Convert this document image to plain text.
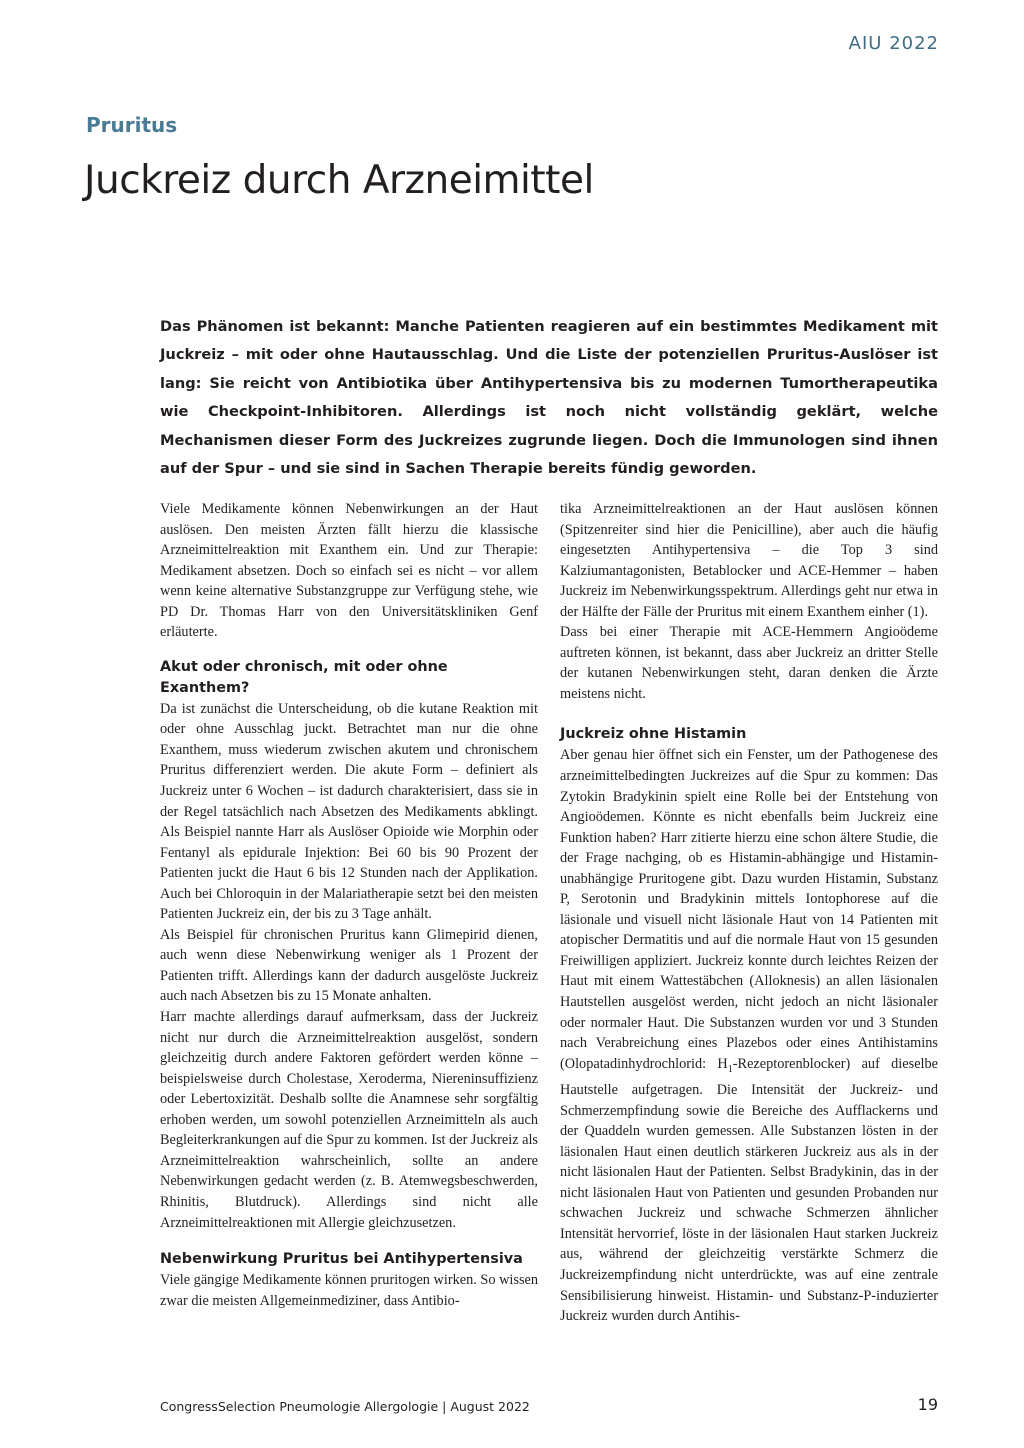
AIU 2022
Pruritus
Juckreiz durch Arzneimittel

Das Phänomen ist bekannt: Manche Patienten reagieren auf ein bestimmtes Medikament mit Juckreiz – mit oder ohne Hautausschlag. Und die Liste der potenziellen Pruritus-Auslöser ist lang: Sie reicht von Antibiotika über Antihypertensiva bis zu modernen Tumortherapeutika wie Checkpoint-Inhibitoren. Allerdings ist noch nicht vollständig geklärt, welche Mechanismen dieser Form des Juckreizes zugrunde liegen. Doch die Immunologen sind ihnen auf der Spur – und sie sind in Sachen Therapie bereits fündig geworden.

Viele Medikamente können Nebenwirkungen an der Haut auslösen. Den meisten Ärzten fällt hierzu die klassische Arzneimittelreaktion mit Exanthem ein. Und zur Therapie: Medikament absetzen. Doch so einfach sei es nicht – vor allem wenn keine alternative Substanzgruppe zur Verfügung stehe, wie PD Dr. Thomas Harr von den Universitätskliniken Genf erläuterte.

Akut oder chronisch, mit oder ohne Exanthem?

Da ist zunächst die Unterscheidung, ob die kutane Reaktion mit oder ohne Ausschlag juckt. Betrachtet man nur die ohne Exanthem, muss wiederum zwischen akutem und chronischem Pruritus differenziert werden. Die akute Form – definiert als Juckreiz unter 6 Wochen – ist dadurch charakterisiert, dass sie in der Regel tatsächlich nach Absetzen des Medikaments abklingt. Als Beispiel nannte Harr als Auslöser Opioide wie Morphin oder Fentanyl als epidurale Injektion: Bei 60 bis 90 Prozent der Patienten juckt die Haut 6 bis 12 Stunden nach der Applikation. Auch bei Chloroquin in der Malariatherapie setzt bei den meisten Patienten Juckreiz ein, der bis zu 3 Tage anhält.

Als Beispiel für chronischen Pruritus kann Glimepirid dienen, auch wenn diese Nebenwirkung weniger als 1 Prozent der Patienten trifft. Allerdings kann der dadurch ausgelöste Juckreiz auch nach Absetzen bis zu 15 Monate anhalten.

Harr machte allerdings darauf aufmerksam, dass der Juckreiz nicht nur durch die Arzneimittelreaktion ausgelöst, sondern gleichzeitig durch andere Faktoren gefördert werden könne – beispielsweise durch Cholestase, Xeroderma, Niereninsuffizienz oder Lebertoxizität. Deshalb sollte die Anamnese sehr sorgfältig erhoben werden, um sowohl potenziellen Arzneimitteln als auch Begleiterkrankungen auf die Spur zu kommen. Ist der Juckreiz als Arzneimittelreaktion wahrscheinlich, sollte an andere Nebenwirkungen gedacht werden (z. B. Atemwegsbeschwerden, Rhinitis, Blutdruck). Allerdings sind nicht alle Arzneimittelreaktionen mit Allergie gleichzusetzen.

Nebenwirkung Pruritus bei Antihypertensiva

Viele gängige Medikamente können pruritogen wirken. So wissen zwar die meisten Allgemeinmediziner, dass Antibio-

tika Arzneimittelreaktionen an der Haut auslösen können (Spitzenreiter sind hier die Penicilline), aber auch die häufig eingesetzten Antihypertensiva – die Top 3 sind Kalziumantagonisten, Betablocker und ACE-Hemmer – haben Juckreiz im Nebenwirkungsspektrum. Allerdings geht nur etwa in der Hälfte der Fälle der Pruritus mit einem Exanthem einher (1).

Dass bei einer Therapie mit ACE-Hemmern Angioödeme auftreten können, ist bekannt, dass aber Juckreiz an dritter Stelle der kutanen Nebenwirkungen steht, daran denken die Ärzte meistens nicht.

Juckreiz ohne Histamin

Aber genau hier öffnet sich ein Fenster, um der Pathogenese des arzneimittelbedingten Juckreizes auf die Spur zu kommen: Das Zytokin Bradykinin spielt eine Rolle bei der Entstehung von Angioödemen. Könnte es nicht ebenfalls beim Juckreiz eine Funktion haben? Harr zitierte hierzu eine schon ältere Studie, die der Frage nachging, ob es Histamin-abhängige und Histamin-unabhängige Pruritogene gibt. Dazu wurden Histamin, Substanz P, Serotonin und Bradykinin mittels Iontophorese auf die läsionale und visuell nicht läsionale Haut von 14 Patienten mit atopischer Dermatitis und auf die normale Haut von 15 gesunden Freiwilligen appliziert. Juckreiz konnte durch leichtes Reizen der Haut mit einem Wattestäbchen (Alloknesis) an allen läsionalen Hautstellen ausgelöst werden, nicht jedoch an nicht läsionaler oder normaler Haut. Die Substanzen wurden vor und 3 Stunden nach Verabreichung eines Plazebos oder eines Antihistamins (Olopatadinhydrochlorid: $H_1-Rezeptorenblocker$) auf dieselbe Hautstelle aufgetragen. Die Intensität der Juckreiz- und Schmerzempfindung sowie die Bereiche des Aufflackerns und der Quaddeln wurden gemessen. Alle Substanzen lösten in der läsionalen Haut einen deutlich stärkeren Juckreiz aus als in der nicht läsionalen Haut der Patienten. Selbst Bradykinin, das in der nicht läsionalen Haut von Patienten und gesunden Probanden nur schwachen Juckreiz und schwache Schmerzen ähnlicher Intensität hervorrief, löste in der läsionalen Haut starken Juckreiz aus, während der gleichzeitig verstärkte Schmerz die Juckreizempfindung nicht unterdrückte, was auf eine zentrale Sensibilisierung hinweist. Histamin- und Substanz-P-induzierter Juckreiz wurden durch Antihis-

CongressSelection Pneumologie Allergologie | August 2022	19
